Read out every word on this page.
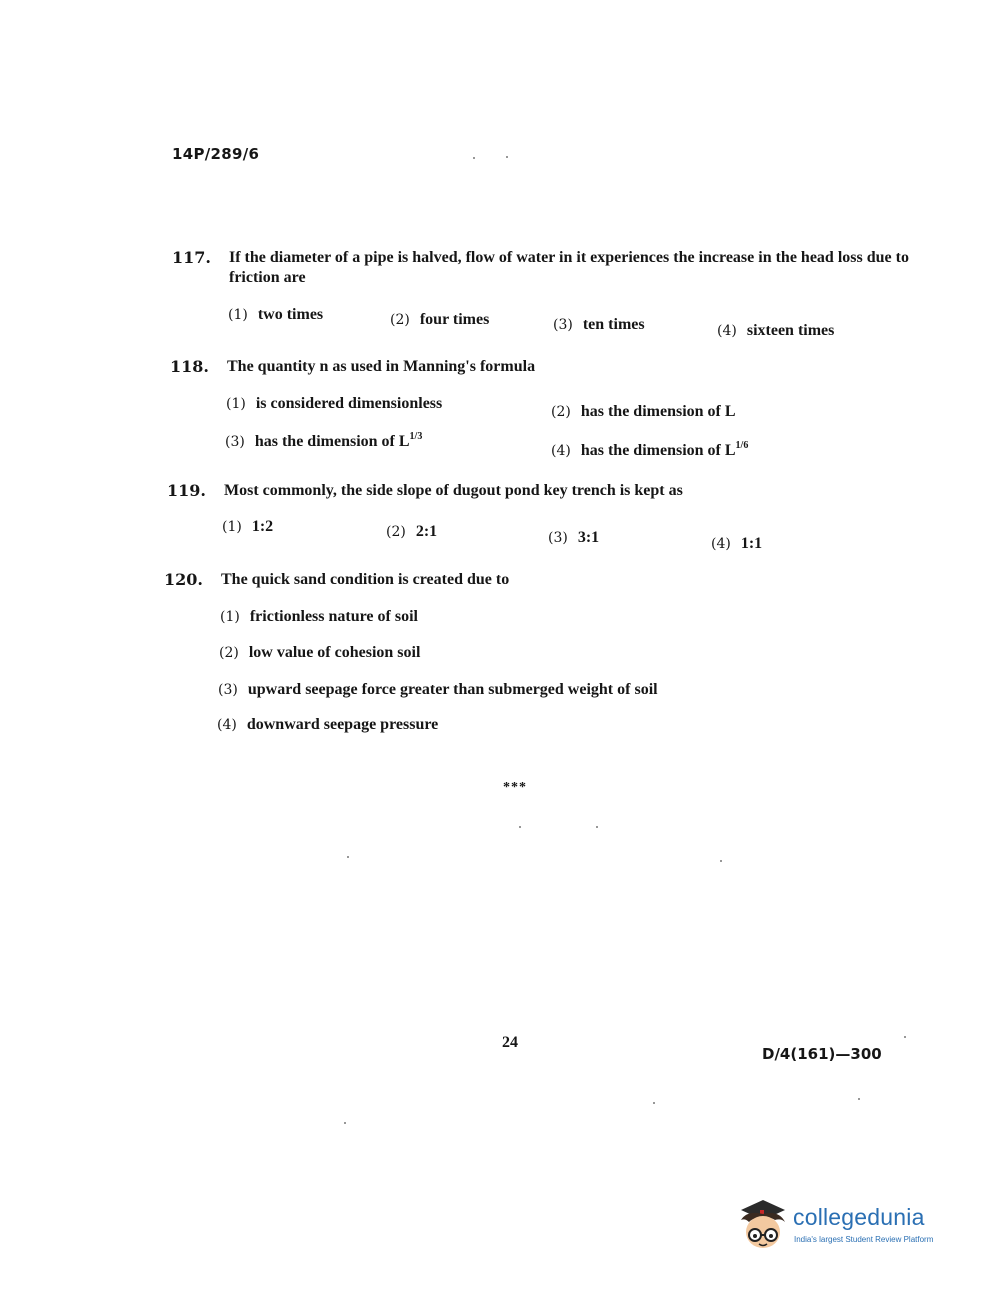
14P/289/6
117. If the diameter of a pipe is halved, flow of water in it experiences the increase in the head loss due to friction are
(1) two times	(2) four times	(3) ten times	(4) sixteen times
118. The quantity n as used in Manning's formula
(1) is considered dimensionless	(2) has the dimension of L
(3) has the dimension of $L^{1/3}$
(4) has the dimension of $L^{1/6}$
119. Most commonly, the side slope of dugout pond key trench is kept as
(1) 1:2	(2) 2:1	(3) 3:1	(4) 1:1
120. The quick sand condition is created due to
(1) frictionless nature of soil
(2) low value of cohesion soil
(3) upward seepage force greater than submerged weight of soil
(4) downward seepage pressure
***
24
D/4(161)—300
collegedunia
India's largest Student Review Platform
